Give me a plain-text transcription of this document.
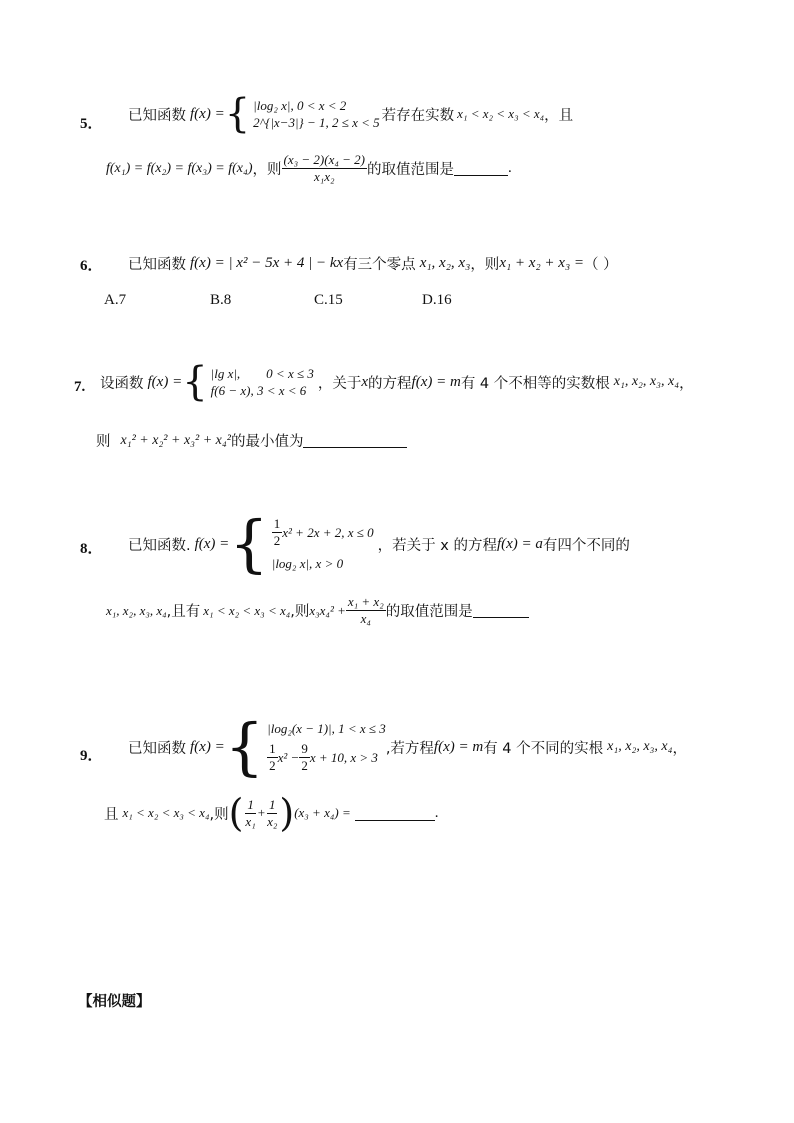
5．
已知函数 f(x) = { |log₂ x|, 0 < x < 2
2^{|x−3|} − 1, 2 ≤ x < 5 若存在实数 x₁ < x₂ < x₃ < x₄ ，且
f(x₁) = f(x₂) = f(x₃) = f(x₄) ，则 $\frac{\text{(x₃ − 2)(x₄ − 2)}}{\text{x₁x₂}}$ 的取值范围是	.
6． 已知函数 f(x) = | x² − 5x + 4 | − kx 有三个零点 x₁, x₂, x₃ ，则 x₁ + x₂ + x₃ = （ ）
A.7	B.8	C.15	D.16
7. 设函数 f(x) = { |lg x|,        0 < x ≤ 3
f(6 − x), 3 < x < 6 ，关于 x 的方程 f(x) = m 有 4 个不相等的实数根 x₁, x₂, x₃, x₄ ，
则 x₁² + x₂² + x₃² + x₄² 的最小值为
8． 已知函数. f(x) = { $\frac{1}{2} x^2 + 2x + 2$, x ≤ 0
|log₂ x|, x > 0
，若关于 x 的方程 f(x) = a 有四个不同的
x₁, x₂, x₃, x₄ ,且有 x₁ < x₂ < x₃ < x₄ ,则 $x_3x_4^2 + \frac{\text{x₁ + x₂}}{\text{x₄}}$ 的取值范围是
9． 已知函数 f(x) = { |log₂(x − 1)|, 1 < x ≤ 3
$\frac{1}{2} x^2 - \frac{9}{2}$ x + 10, x > 3
,若方程 f(x) = m 有 4 个不同的实根 x₁, x₂, x₃, x₄ ，
且 x₁ < x₂ < x₃ < x₄ ,则 ( $\frac{1}{\text{x₁}} + \frac{1}{\text{x₂}}$ ) (x₃ + x₄) =	.
【相似题】
